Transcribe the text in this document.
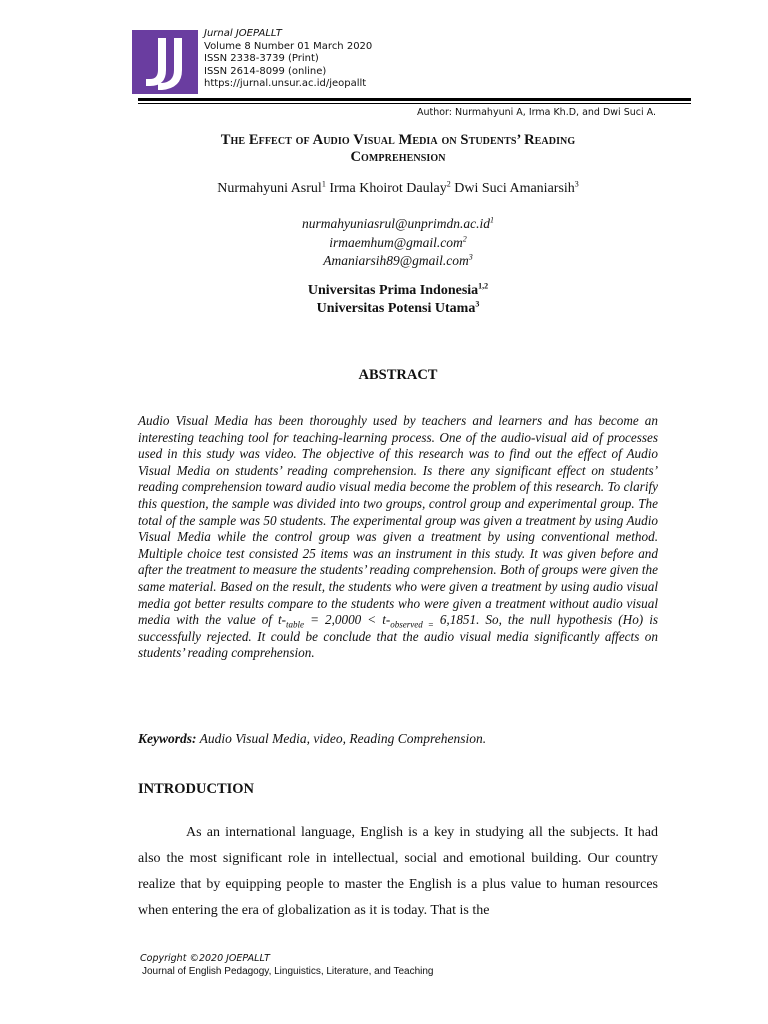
Jurnal JOEPALLT
Volume 8 Number 01 March 2020
ISSN 2338-3739 (Print)
ISSN 2614-8099 (online)
https://jurnal.unsur.ac.id/jeopallt
Author: Nurmahyuni A, Irma Kh.D, and Dwi Suci A.
The Effect of Audio Visual Media on Students’ Reading
Comprehension
Nurmahyuni Asrul$^1$ Irma Khoirot Daulay$^2$ Dwi Suci Amaniarsih$^3$
$nurmahyuniasrul@unprimdn.ac.id^1$
irmaemhum@gmail.com$^2$
Amaniarsih89@gmail.com$^3$
Universitas Prima Indonesia$^{1,2}$
Universitas Potensi Utama$^3$
ABSTRACT
Audio Visual Media has been thoroughly used by teachers and learners and has become an interesting teaching tool for teaching-learning process. One of the audio-visual aid of processes used in this study was video. The objective of this research was to find out the effect of Audio Visual Media on students’ reading comprehension. Is there any significant effect on students’ reading comprehension toward audio visual media become the problem of this research. To clarify this question, the sample was divided into two groups, control group and experimental group. The total of the sample was 50 students. The experimental group was given a treatment by using Audio Visual Media while the control group was given a treatment by using conventional method. Multiple choice test consisted 25 items was an instrument in this study. It was given before and after the treatment to measure the students’ reading comprehension. Both of groups were given the same material. Based on the result, the students who were given a treatment by using audio visual media got better results compare to the students who were given a treatment without audio visual media with the value of $t-_{table} = 2,0000 < t-_{observed =}$ 6,1851. So, the null hypothesis (Ho) is successfully rejected. It could be conclude that the audio visual media significantly affects on students’ reading comprehension.
Keywords: Audio Visual Media, video, Reading Comprehension.
INTRODUCTION
As an international language, English is a key in studying all the subjects. It had also the most significant role in intellectual, social and emotional building. Our country realize that by equipping people to master the English is a plus value to human resources when entering the era of globalization as it is today. That is the
Copyright ©2020 JOEPALLT
Journal of English Pedagogy, Linguistics, Literature, and Teaching
